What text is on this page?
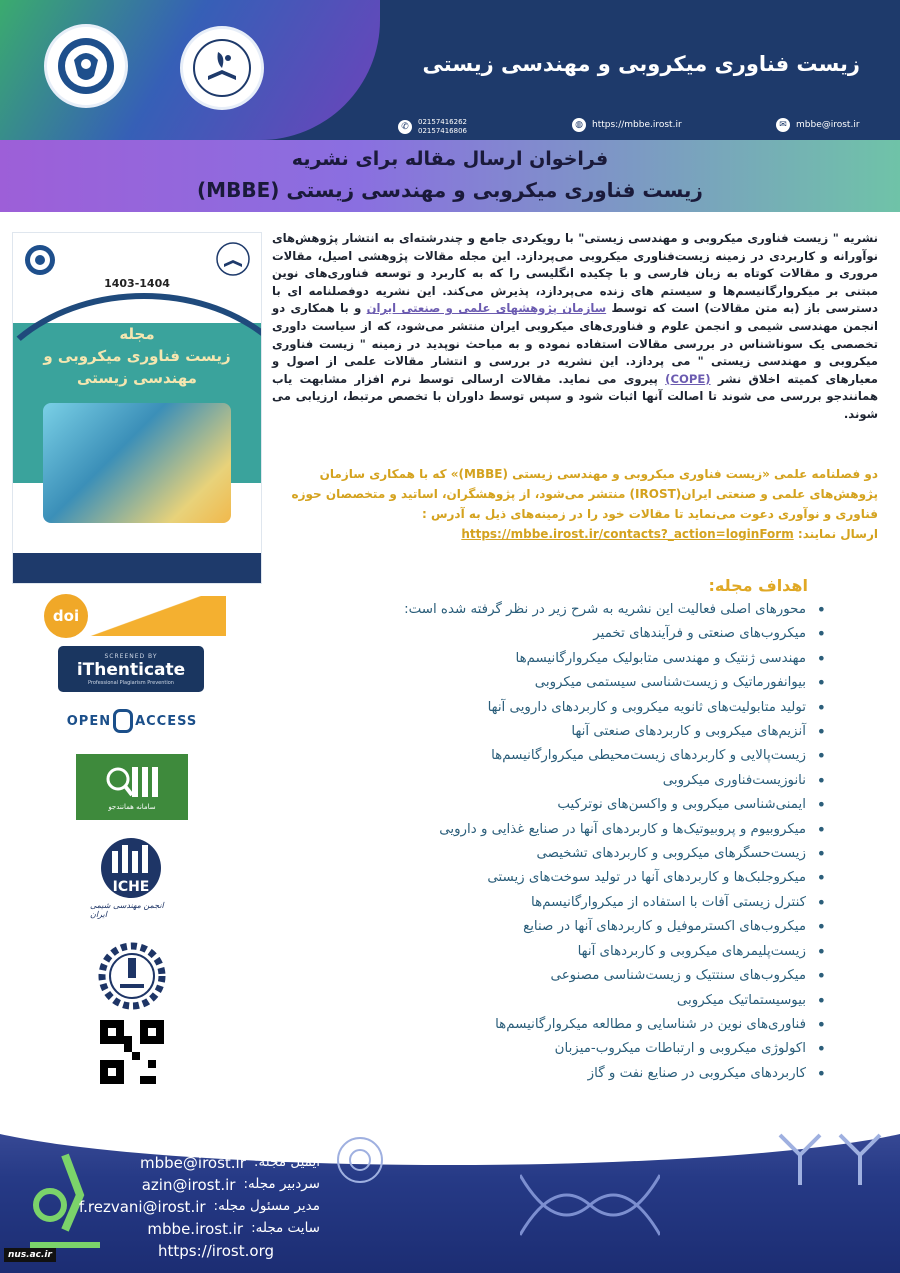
زیست فناوری میکروبی و مهندسی زیستی
✆	02157416262
02157416806
◍	https://mbbe.irost.ir	✉	mbbe@irost.ir
فراخوان ارسال مقاله برای نشریه
زیست فناوری میکروبی و مهندسی زیستی (MBBE)
1403-1404
مجله
زیست فناوری میکروبی و
مهندسی زیستی
نشریه " زیست فناوری میکروبی و مهندسی زیستی" با رویکردی جامع و چندرشته‌ای به انتشار پژوهش‌های نوآورانه و کاربردی در زمینه زیست‌فناوری میکروبی می‌پردازد. این مجله مقالات پژوهشی اصیل، مقالات مروری و مقالات کوتاه به زبان فارسی و با چکیده انگلیسی را که به کاربرد و توسعه فناوری‌های نوین مبتنی بر میکروارگانیسم‌ها و سیستم های زنده می‌پردازد، پذیرش می‌کند. این نشریه دوفصلنامه ای با دسترسی باز (به متن مقالات) است که توسط سازمان پژوهشهای علمی و صنعتی ایران و با همکاری دو انجمن مهندسی شیمی و انجمن علوم و فناوری‌های میکروبی ایران منتشر می‌شود، که از سیاست داوری تخصصی یک سوناشناس در بررسی مقالات استفاده نموده و به مباحث نوپدید در زمینه " زیست فناوری میکروبی و مهندسی زیستی " می پردازد. این نشریه در بررسی و انتشار مقالات علمی از اصول و معیارهای کمیته اخلاق نشر (COPE) پیروی می نماید. مقالات ارسالی توسط نرم افزار مشابهت یاب همانندجو بررسی می شوند تا اصالت آنها اثبات شود و سپس توسط داوران با تخصص مرتبط، ارزیابی می شوند.
دو فصلنامه علمی «زیست فناوری میکروبی و مهندسی زیستی (MBBE)» که با همکاری سازمان پژوهش‌های علمی و صنعتی ایران(IROST) منتشر می‌شود، از پژوهشگران، اساتید و متخصصان حوزه فناوری و نوآوری دعوت می‌نماید تا مقالات خود را در زمینه‌های ذیل به آدرس :
ارسال نمایند: https://mbbe.irost.ir/contacts?_action=loginForm
doi
SCREENED BY
iThenticate
Professional Plagiarism Prevention
OPEN ACCESS
سامانه همانندجو
ICHE
انجمن مهندسی شیمی ایران
اهداف مجله:
• محورهای اصلی فعالیت این نشریه به شرح زیر در نظر گرفته شده است:
• میکروب‌های صنعتی و فرآیندهای تخمیر
• مهندسی ژنتیک و مهندسی متابولیک میکروارگانیسم‌ها
• بیوانفورماتیک و زیست‌شناسی سیستمی میکروبی
• تولید متابولیت‌های ثانویه میکروبی و کاربردهای دارویی آنها
• آنزیم‌های میکروبی و کاربردهای صنعتی آنها
• زیست‌پالایی و کاربردهای زیست‌محیطی میکروارگانیسم‌ها
• نانوزیست‌فناوری میکروبی
• ایمنی‌شناسی میکروبی و واکسن‌های نوترکیب
• میکروبیوم و پروبیوتیک‌ها و کاربردهای آنها در صنایع غذایی و دارویی
• زیست‌حسگرهای میکروبی و کاربردهای تشخیصی
• میکروجلبک‌ها و کاربردهای آنها در تولید سوخت‌های زیستی
• کنترل زیستی آفات با استفاده از میکروارگانیسم‌ها
• میکروب‌های اکسترموفیل و کاربردهای آنها در صنایع
• زیست‌پلیمرهای میکروبی و کاربردهای آنها
• میکروب‌های سنتتیک و زیست‌شناسی مصنوعی
• بیوسیستماتیک میکروبی
• فناوری‌های نوین در شناسایی و مطالعه میکروارگانیسم‌ها
• اکولوژی میکروبی و ارتباطات میکروب-میزبان
• کاربردهای میکروبی در صنایع نفت و گاز
ارتباط با ما:
ایمیل مجله:
mbbe@irost.ir
سردبیر مجله:
azin@irost.ir
مدیر مسئول مجله:
f.rezvani@irost.ir
سایت مجله:
mbbe.irost.ir
https://irost.org
nus.ac.ir
